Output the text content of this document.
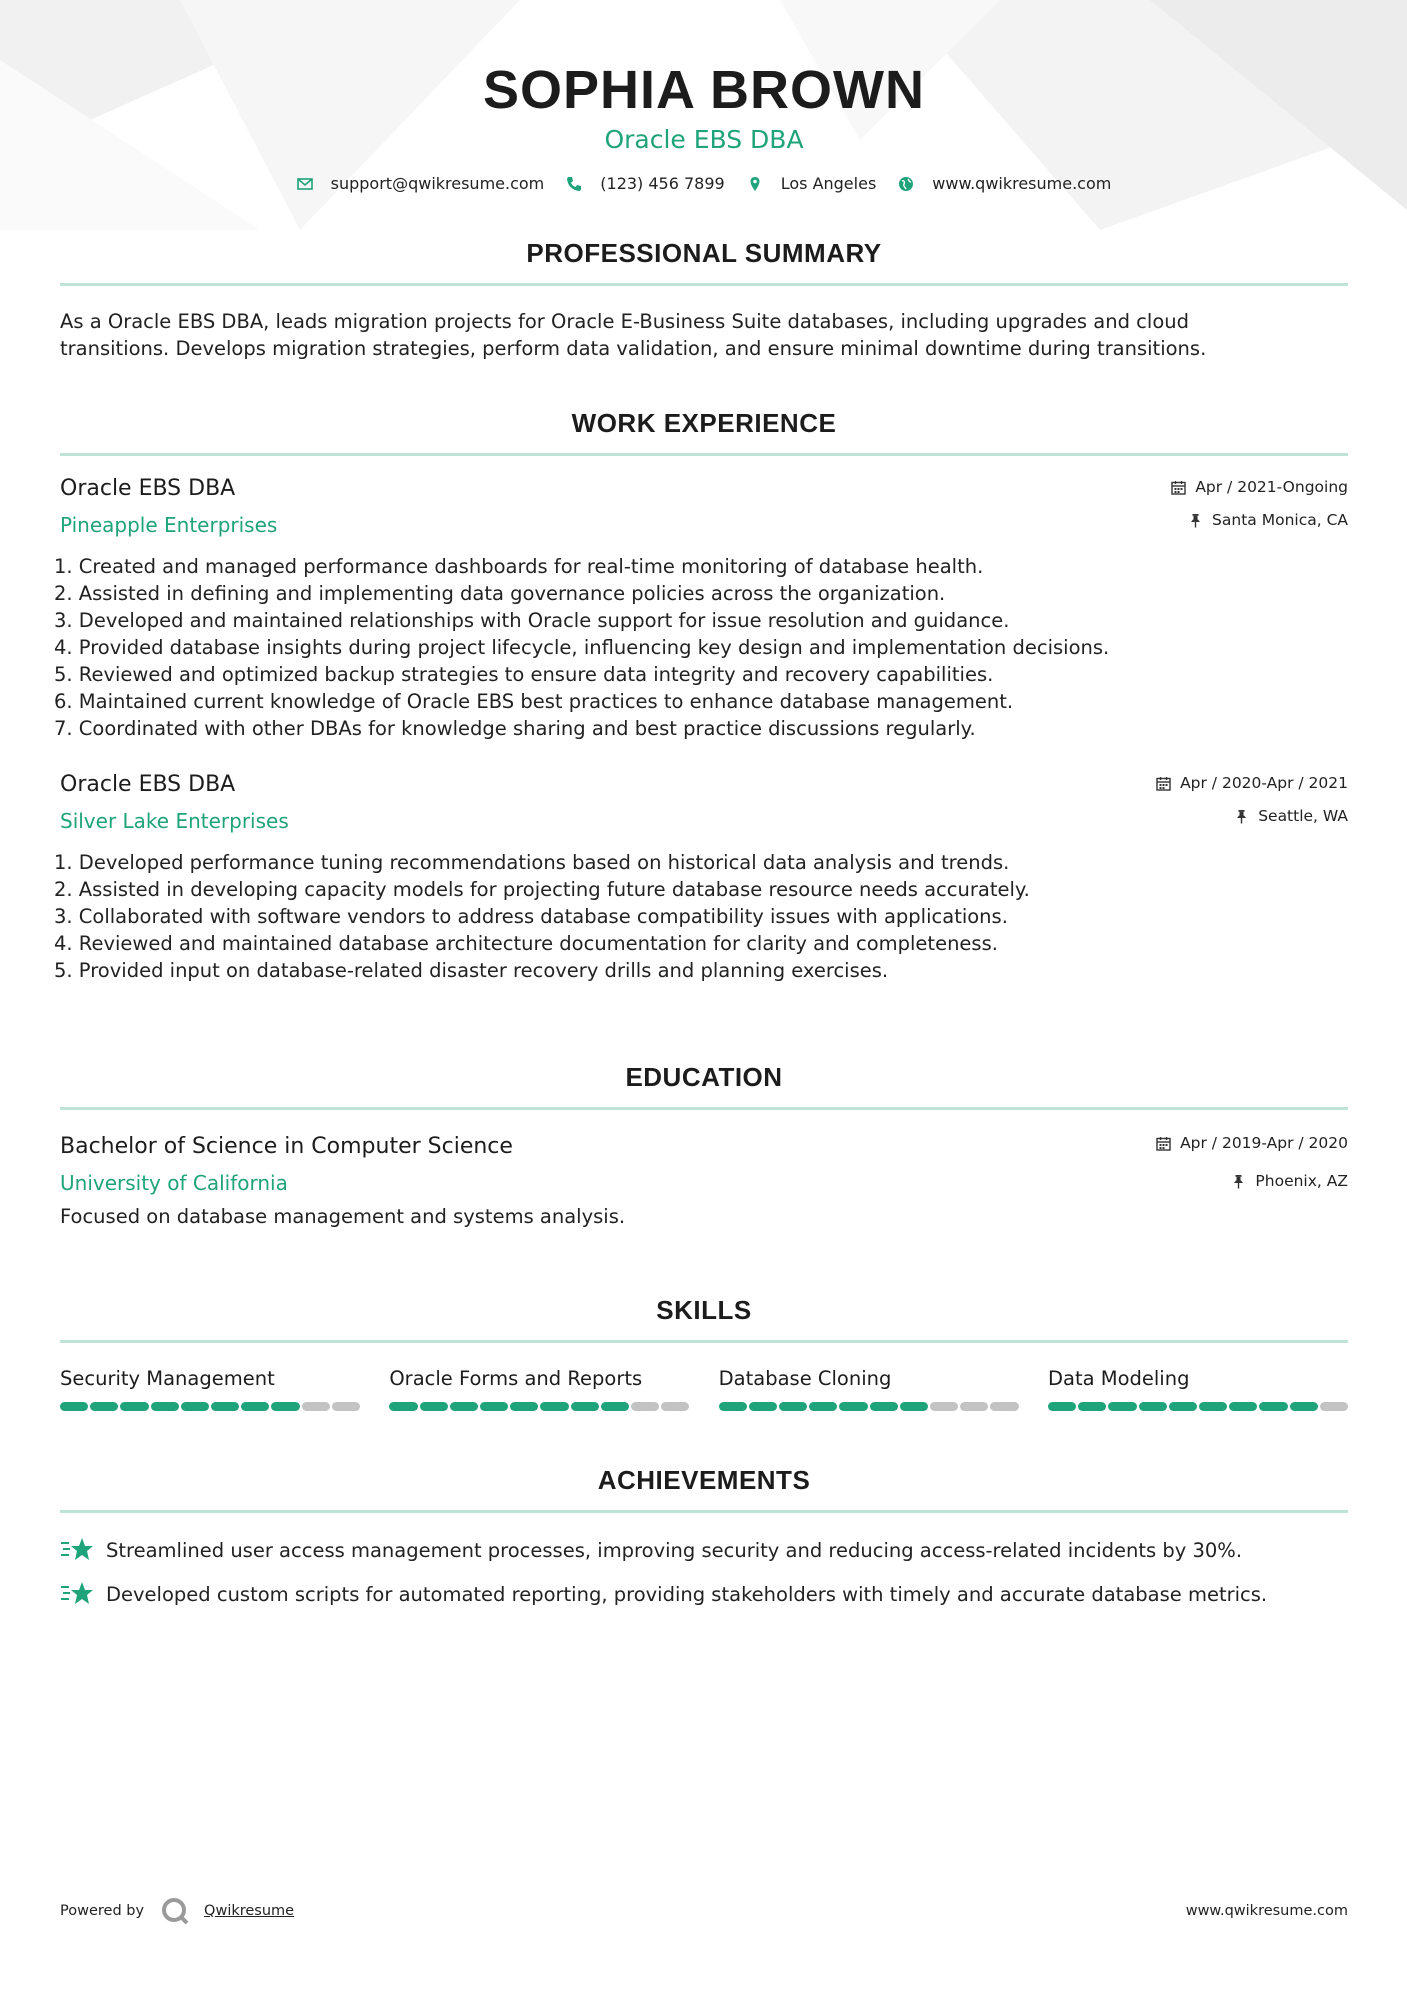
SOPHIA BROWN
Oracle EBS DBA
support@qwikresume.com	(123) 456 7899	Los Angeles	www.qwikresume.com
PROFESSIONAL SUMMARY
As a Oracle EBS DBA, leads migration projects for Oracle E-Business Suite databases, including upgrades and cloud
transitions. Develops migration strategies, perform data validation, and ensure minimal downtime during transitions.
WORK EXPERIENCE
Apr / 2021-Ongoing
Santa Monica, CA
Oracle EBS DBA
Pineapple Enterprises
1. Created and managed performance dashboards for real-time monitoring of database health.
2. Assisted in defining and implementing data governance policies across the organization.
3. Developed and maintained relationships with Oracle support for issue resolution and guidance.
4. Provided database insights during project lifecycle, influencing key design and implementation decisions.
5. Reviewed and optimized backup strategies to ensure data integrity and recovery capabilities.
6. Maintained current knowledge of Oracle EBS best practices to enhance database management.
7. Coordinated with other DBAs for knowledge sharing and best practice discussions regularly.
Apr / 2020-Apr / 2021
Seattle, WA
Oracle EBS DBA
Silver Lake Enterprises
1. Developed performance tuning recommendations based on historical data analysis and trends.
2. Assisted in developing capacity models for projecting future database resource needs accurately.
3. Collaborated with software vendors to address database compatibility issues with applications.
4. Reviewed and maintained database architecture documentation for clarity and completeness.
5. Provided input on database-related disaster recovery drills and planning exercises.
EDUCATION
Apr / 2019-Apr / 2020
Phoenix, AZ
Bachelor of Science in Computer Science
University of California
Focused on database management and systems analysis.
SKILLS
Security Management	Oracle Forms and Reports	Database Cloning	Data Modeling
ACHIEVEMENTS
Streamlined user access management processes, improving security and reducing access-related incidents by 30%.
Developed custom scripts for automated reporting, providing stakeholders with timely and accurate database metrics.
Powered by	Qwikresume	www.qwikresume.com
